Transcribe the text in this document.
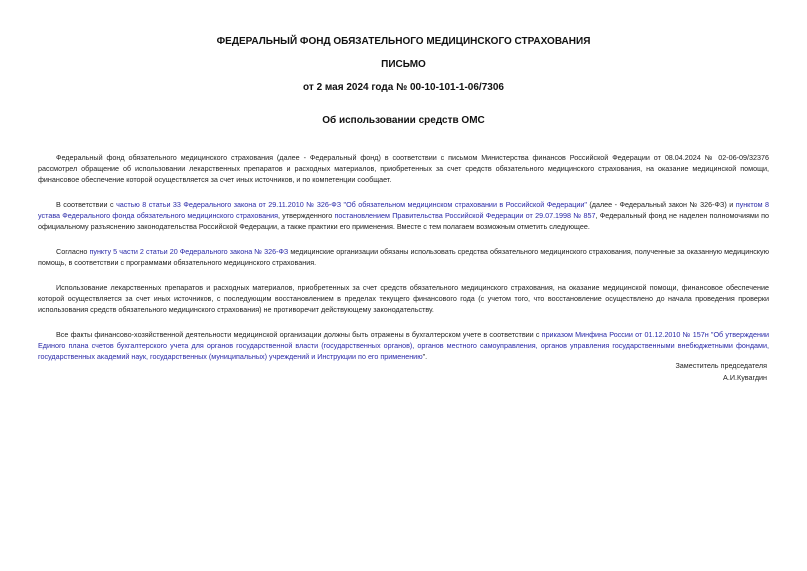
ФЕДЕРАЛЬНЫЙ ФОНД ОБЯЗАТЕЛЬНОГО МЕДИЦИНСКОГО СТРАХОВАНИЯ
ПИСЬМО
от 2 мая 2024 года № 00-10-101-1-06/7306
Об использовании средств ОМС

Федеральный фонд обязательного медицинского страхования (далее - Федеральный фонд) в соответствии с письмом Министерства финансов Российской Федерации от 08.04.2024 № 02-06-09/32376 рассмотрел обращение об использовании лекарственных препаратов и расходных материалов, приобретенных за счет средств обязательного медицинского страхования, на оказание медицинской помощи, финансовое обеспечение которой осуществляется за счет иных источников, и по компетенции сообщает.

В соответствии с частью 8 статьи 33 Федерального закона от 29.11.2010 № 326-ФЗ "Об обязательном медицинском страховании в Российской Федерации" (далее - Федеральный закон № 326-ФЗ) и пунктом 8 устава Федерального фонда обязательного медицинского страхования, утвержденного постановлением Правительства Российской Федерации от 29.07.1998 № 857, Федеральный фонд не наделен полномочиями по официальному разъяснению законодательства Российской Федерации, а также практики его применения. Вместе с тем полагаем возможным отметить следующее.

Согласно пункту 5 части 2 статьи 20 Федерального закона № 326-ФЗ медицинские организации обязаны использовать средства обязательного медицинского страхования, полученные за оказанную медицинскую помощь, в соответствии с программами обязательного медицинского страхования.

Использование лекарственных препаратов и расходных материалов, приобретенных за счет средств обязательного медицинского страхования, на оказание медицинской помощи, финансовое обеспечение которой осуществляется за счет иных источников, с последующим восстановлением в пределах текущего финансового года (с учетом того, что восстановление осуществлено до начала проведения проверки использования средств обязательного медицинского страхования) не противоречит действующему законодательству.

Все факты финансово-хозяйственной деятельности медицинской организации должны быть отражены в бухгалтерском учете в соответствии с приказом Минфина России от 01.12.2010 № 157н "Об утверждении Единого плана счетов бухгалтерского учета для органов государственной власти (государственных органов), органов местного самоуправления, органов управления государственными внебюджетными фондами, государственных академий наук, государственных (муниципальных) учреждений и Инструкции по его применению".

Заместитель председателя
А.И.Кувагдин
